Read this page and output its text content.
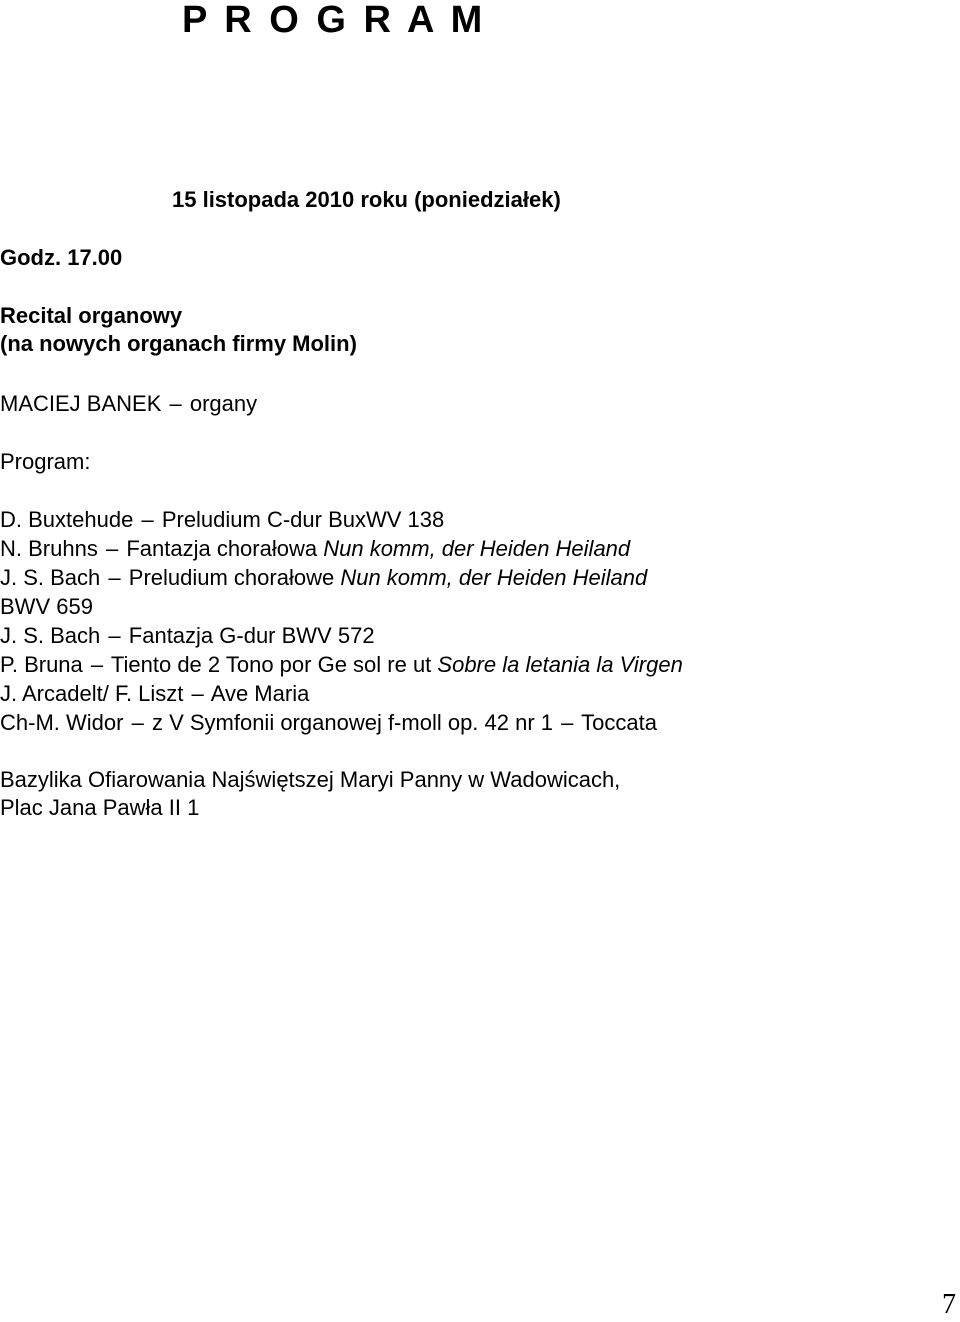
P R O G R A M

15 listopada 2010 roku (poniedziałek)

Godz. 17.00

Recital organowy
(na nowych organach firmy Molin)

MACIEJ BANEK – organy

Program:

D. Buxtehude – Preludium C-dur BuxWV 138
N. Bruhns – Fantazja chorałowa Nun komm, der Heiden Heiland
J. S. Bach – Preludium chorałowe Nun komm, der Heiden Heiland
BWV 659
J. S. Bach – Fantazja G-dur BWV 572
P. Bruna – Tiento de 2 Tono por Ge sol re ut Sobre la letania la Virgen
J. Arcadelt/ F. Liszt – Ave Maria
Ch-M. Widor – z V Symfonii organowej f-moll op. 42 nr 1 – Toccata
Bazylika Ofiarowania Najświętszej Maryi Panny w Wadowicach,
Plac Jana Pawła II 1
7
